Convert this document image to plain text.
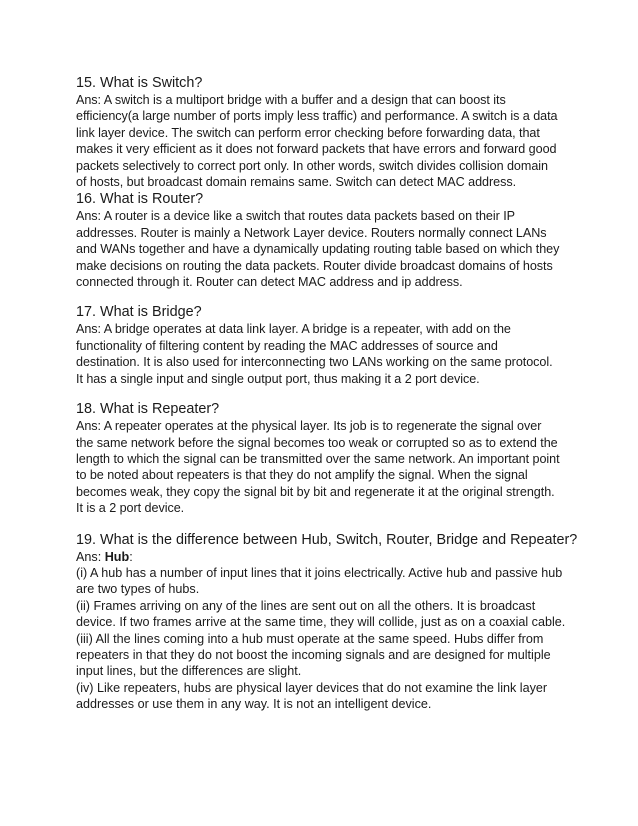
15. What is Switch?

Ans: A switch is a multiport bridge with a buffer and a design that can boost its
efficiency(a large number of ports imply less traffic) and performance. A switch is a data
link layer device. The switch can perform error checking before forwarding data, that
makes it very efficient as it does not forward packets that have errors and forward good
packets selectively to correct port only. In other words, switch divides collision domain
of hosts, but broadcast domain remains same. Switch can detect MAC address.

16. What is Router?

Ans: A router is a device like a switch that routes data packets based on their IP
addresses. Router is mainly a Network Layer device. Routers normally connect LANs
and WANs together and have a dynamically updating routing table based on which they
make decisions on routing the data packets. Router divide broadcast domains of hosts
connected through it. Router can detect MAC address and ip address.

17. What is Bridge?

Ans: A bridge operates at data link layer. A bridge is a repeater, with add on the
functionality of filtering content by reading the MAC addresses of source and
destination. It is also used for interconnecting two LANs working on the same protocol.
It has a single input and single output port, thus making it a 2 port device.

18. What is Repeater?

Ans: A repeater operates at the physical layer. Its job is to regenerate the signal over
the same network before the signal becomes too weak or corrupted so as to extend the
length to which the signal can be transmitted over the same network. An important point
to be noted about repeaters is that they do not amplify the signal. When the signal
becomes weak, they copy the signal bit by bit and regenerate it at the original strength.
It is a 2 port device.

19. What is the difference between Hub, Switch, Router, Bridge and Repeater?

Ans: Hub:
(i) A hub has a number of input lines that it joins electrically. Active hub and passive hub
are two types of hubs.
(ii) Frames arriving on any of the lines are sent out on all the others. It is broadcast
device. If two frames arrive at the same time, they will collide, just as on a coaxial cable.
(iii) All the lines coming into a hub must operate at the same speed. Hubs differ from
repeaters in that they do not boost the incoming signals and are designed for multiple
input lines, but the differences are slight.
(iv) Like repeaters, hubs are physical layer devices that do not examine the link layer
addresses or use them in any way. It is not an intelligent device.
